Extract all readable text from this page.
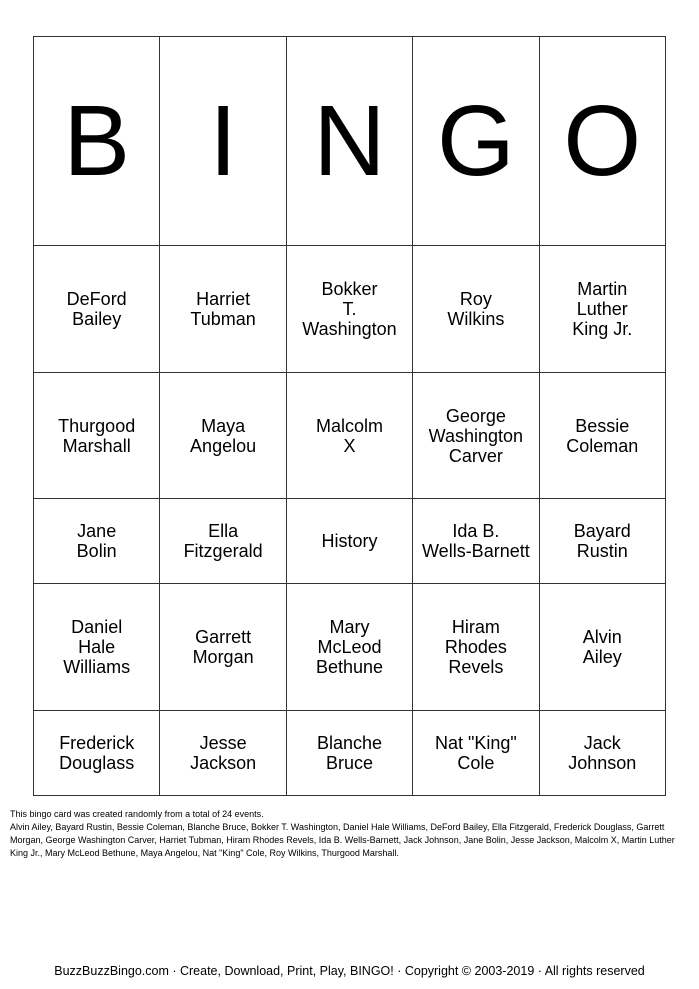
B	I	N	G	O

DeFord
Bailey	Harriet
Tubman	Bokker
T.
Washington	Roy
Wilkins	Martin
Luther
King Jr.

Thurgood
Marshall	Maya
Angelou	Malcolm
X	George
Washington
Carver	Bessie
Coleman

Jane
Bolin	Ella
Fitzgerald	History	Ida B.
Wells-Barnett	Bayard
Rustin

Daniel
Hale
Williams	Garrett
Morgan	Mary
McLeod
Bethune	Hiram
Rhodes
Revels	Alvin
Ailey

Frederick
Douglass	Jesse
Jackson	Blanche
Bruce	Nat "King"
Cole	Jack
Johnson

This bingo card was created randomly from a total of 24 events.

Alvin Ailey, Bayard Rustin, Bessie Coleman, Blanche Bruce, Bokker T. Washington, Daniel Hale Williams, DeFord Bailey, Ella Fitzgerald, Frederick Douglass, Garrett Morgan, George Washington Carver, Harriet Tubman, Hiram Rhodes Revels, Ida B. Wells-Barnett, Jack Johnson, Jane Bolin, Jesse Jackson, Malcolm X, Martin Luther King Jr., Mary McLeod Bethune, Maya Angelou, Nat "King" Cole, Roy Wilkins, Thurgood Marshall.

BuzzBuzzBingo.com · Create, Download, Print, Play, BINGO! · Copyright © 2003-2019 · All rights reserved
